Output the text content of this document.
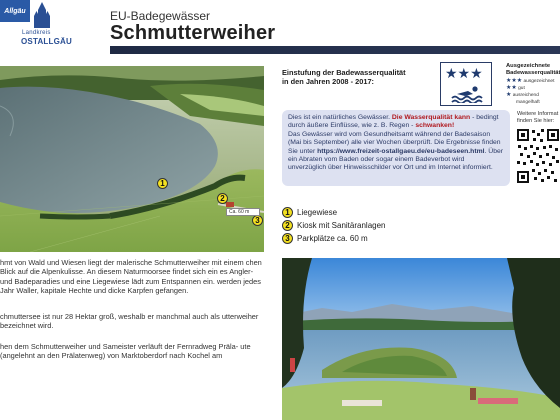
Allgäu
Landkreis
OSTALLGÄU
EU-Badegewässer
Schmutterweiher
1
2
3
Ca. 60 m
hmt von Wald und Wiesen liegt der malerische Schmutterweiher mit einem chen Blick auf die Alpenkulisse. An diesem Naturmoorsee findet sich ein es Angler- und Badeparadies und eine Liegewiese lädt zum Entspannen ein. werden jedes Jahr Waller, kapitale Hechte und dicke Karpfen gefangen.
chmuttersee ist nur 28 Hektar groß, weshalb er manchmal auch als utterweiher bezeichnet wird.
hen dem Schmutterweiher und Sameister verläuft der Fernradweg Präla- ute (angelehnt an den Prälatenweg) von Marktoberdorf nach Kochel am
Einstufung der Badewasserqualität
in den Jahren 2008 - 2017:
★★★	Ausgezeichnete
Badewasserqualität
★★★ ausgezeichnet
★★ gut
★ ausreichend
mangelhaft
Dies ist ein natürliches Gewässer. Die Wasserqualität kann - bedingt durch äußere Einflüsse, wie z. B. Regen - schwanken!
Das Gewässer wird vom Gesundheitsamt während der Badesaison (Mai bis September) alle vier Wochen überprüft. Die Ergebnisse finden Sie unter https://www.freizeit-ostallgaeu.de/eu-badeseen.html. Über ein Abraten vom Baden oder sogar einem Badeverbot wird unverzüglich über Hinweisschilder vor Ort und im Internet informiert.
Weitere Informat
finden Sie hier:
1 Liegewiese
2 Kiosk mit Sanitäranlagen
3 Parkplätze ca. 60 m
